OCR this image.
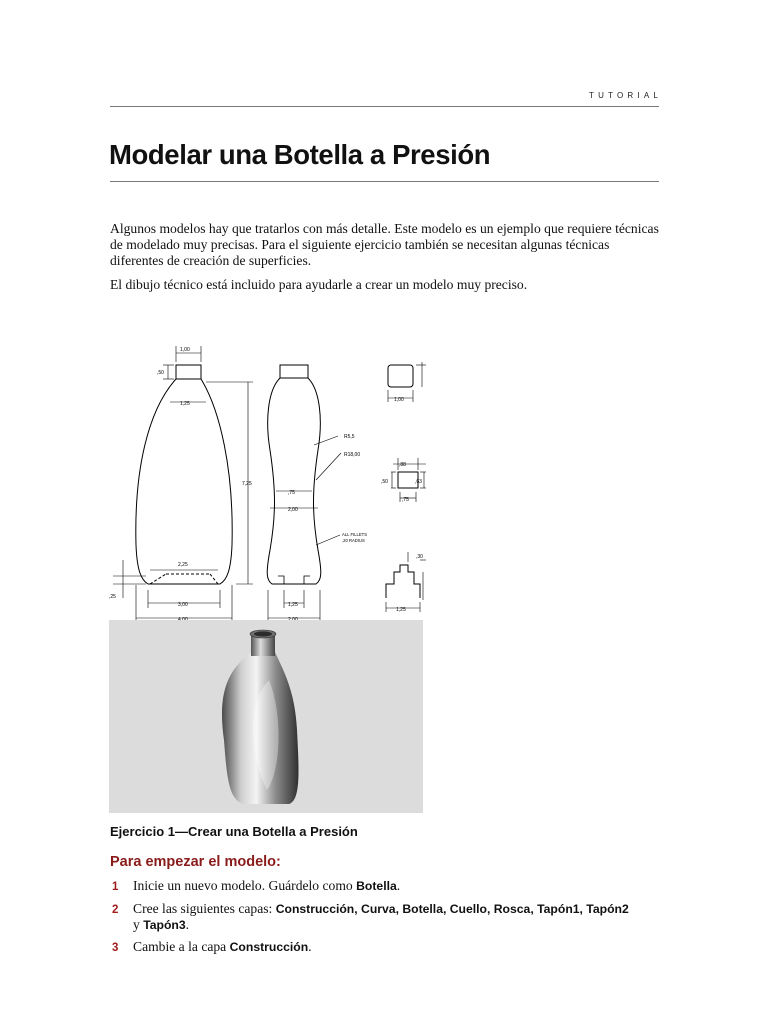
TUTORIAL
Modelar una Botella a Presión
Algunos modelos hay que tratarlos con más detalle. Este modelo es un ejemplo que requiere técnicas de modelado muy precisas. Para el siguiente ejercicio también se necesitan algunas técnicas diferentes de creación de superficies.
El dibujo técnico está incluido para ayudarle a crear un modelo muy preciso.
1,00
,50
1,25
7,25
2,25
,25
3,00
,75
2,00
1,25
R5,5
R18,00
ALL FILLETS
,20 RADIUS
1,00
,88
,50	,63
,75
,30
1,25
Ejercicio 1—Crear una Botella a Presión
Para empezar el modelo:
1 Inicie un nuevo modelo. Guárdelo como Botella.
2 Cree las siguientes capas: Construcción, Curva, Botella, Cuello, Rosca, Tapón1, Tapón2
y Tapón3.
3 Cambie a la capa Construcción.
